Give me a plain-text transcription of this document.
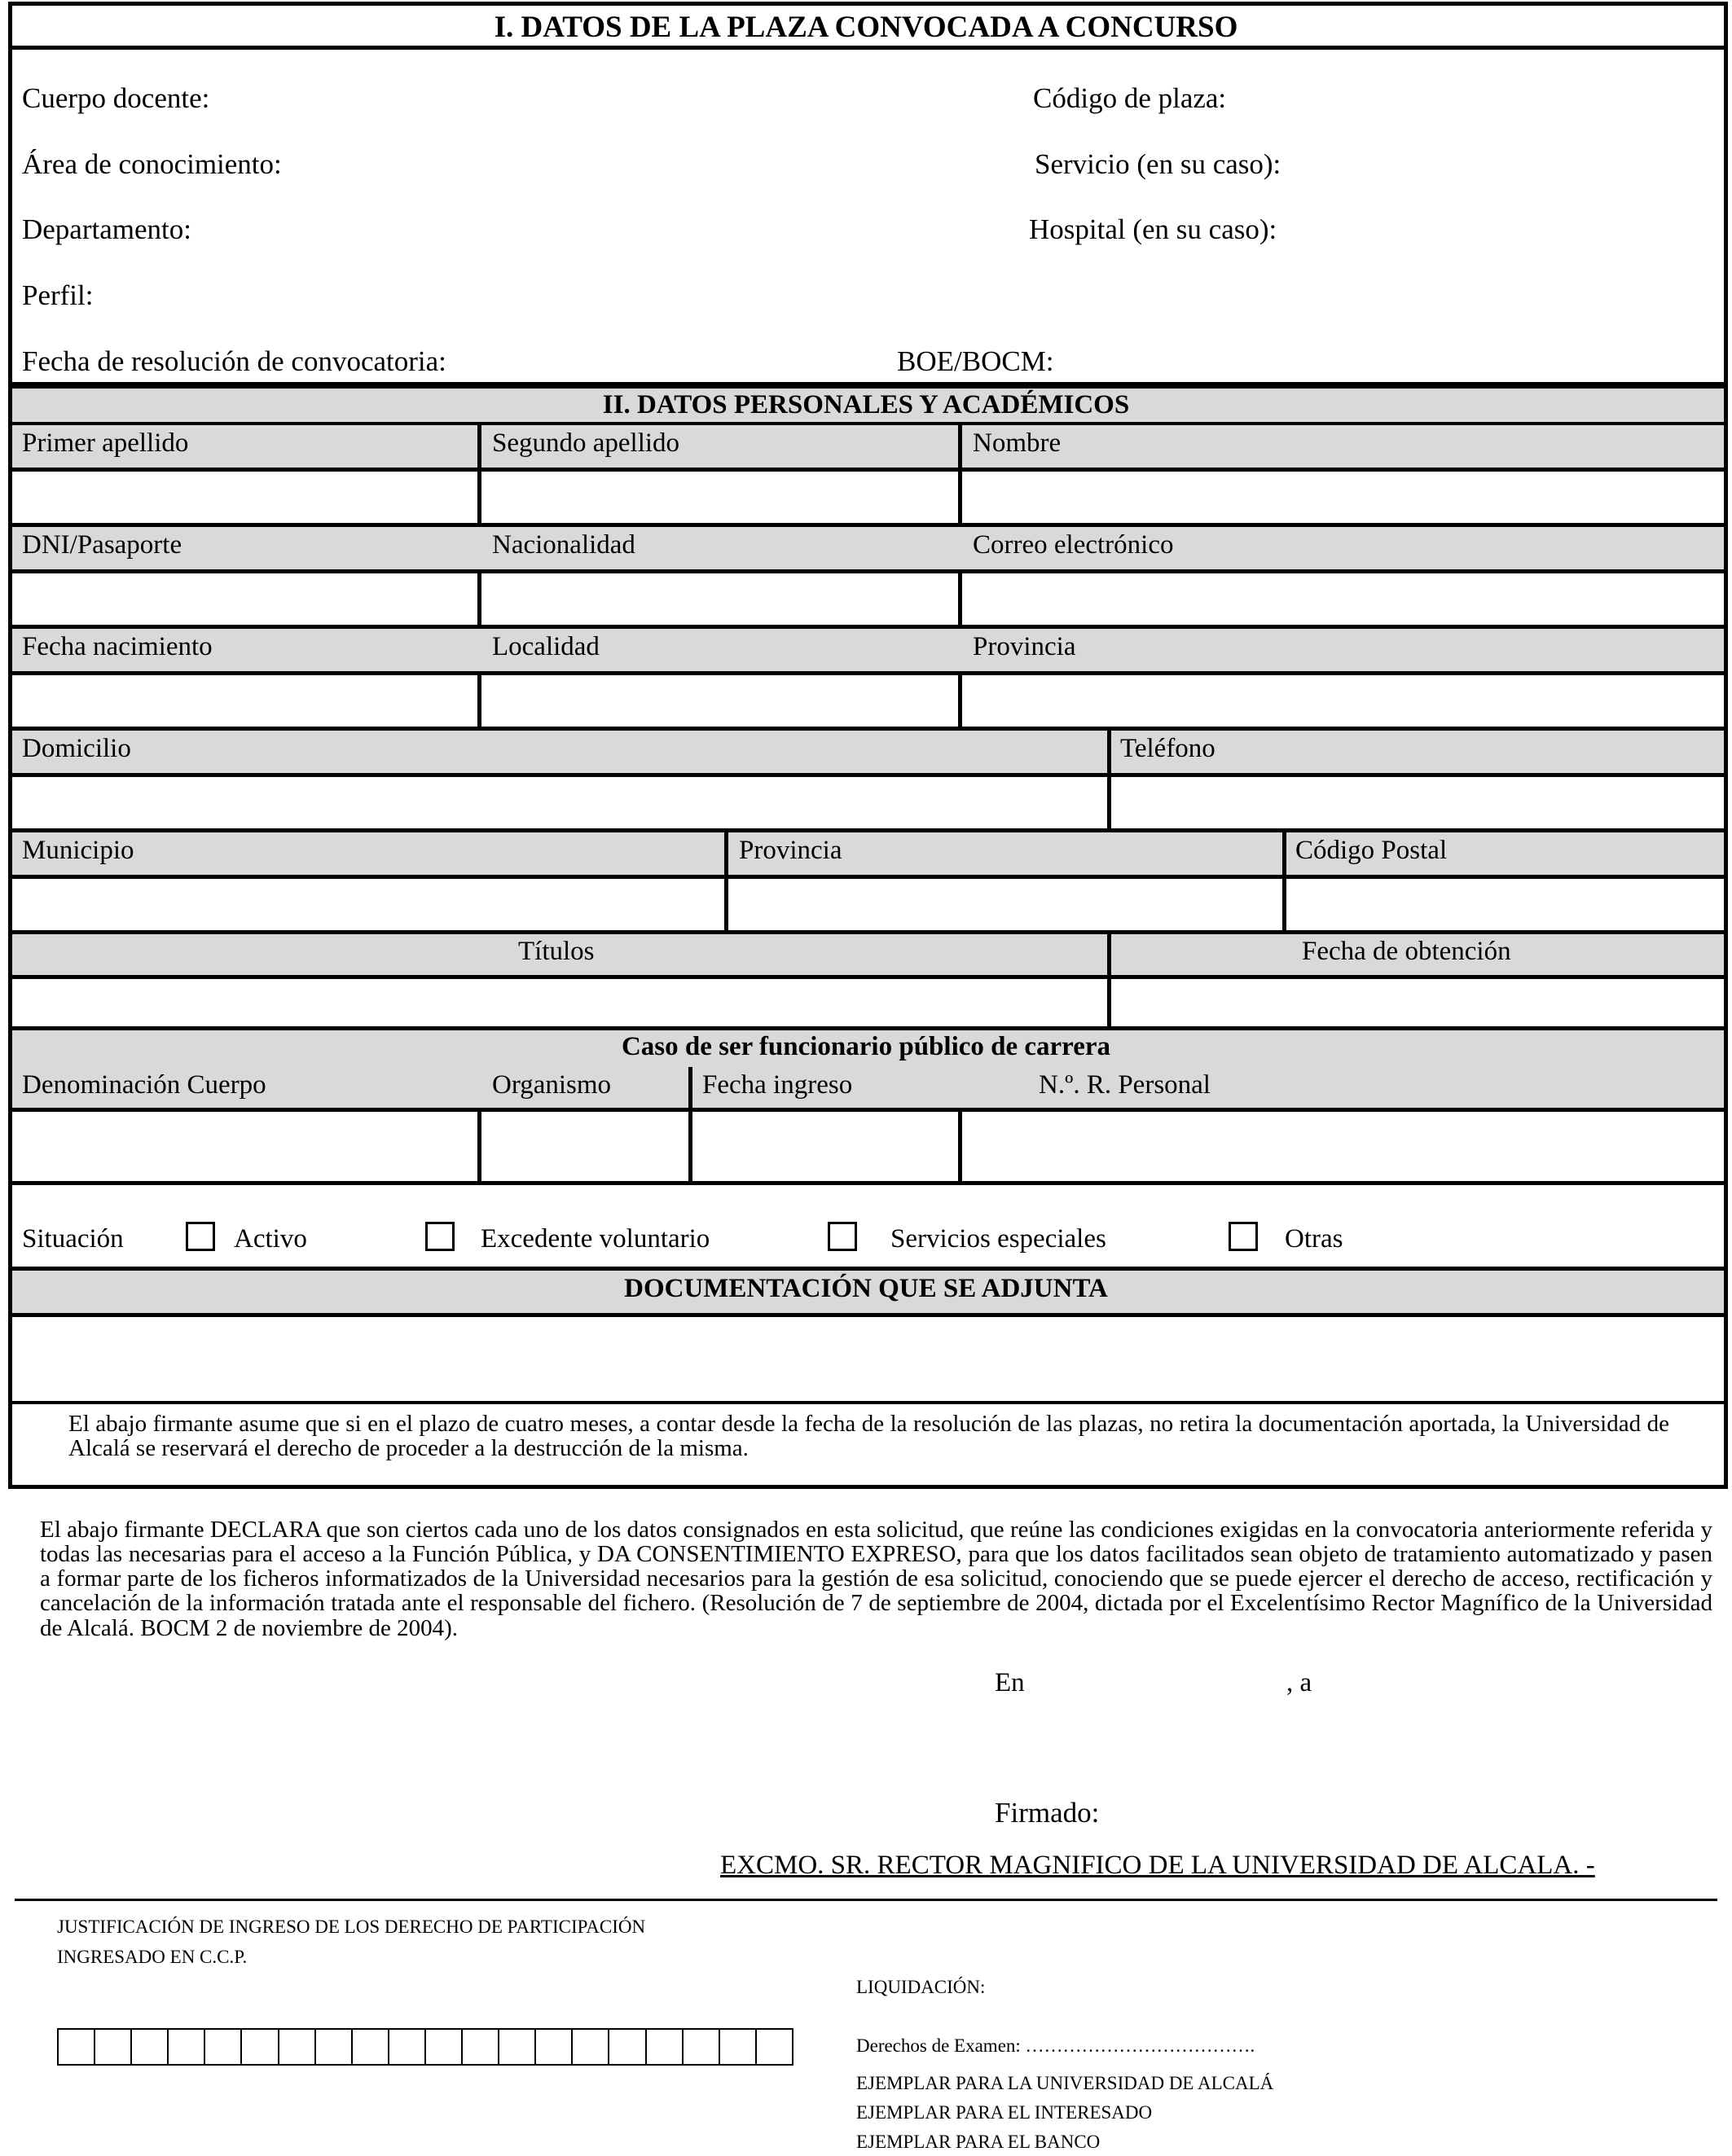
I. DATOS DE LA PLAZA CONVOCADA A CONCURSO
Cuerpo docente:	Código de plaza:
Área de conocimiento:	Servicio (en su caso):
Departamento:	Hospital (en su caso):
Perfil:
Fecha de resolución de convocatoria:	BOE/BOCM:
II. DATOS PERSONALES Y ACADÉMICOS
Primer apellido	Segundo apellido	Nombre
DNI/Pasaporte	Nacionalidad	Correo electrónico
Fecha nacimiento	Localidad	Provincia
Domicilio	Teléfono
Municipio	Provincia	Código Postal
Títulos	Fecha de obtención
Caso de ser funcionario público de carrera
Denominación Cuerpo	Organismo	Fecha ingreso	N.º. R. Personal
Situación	Activo	Excedente voluntario	Servicios especiales	Otras
DOCUMENTACIÓN QUE SE ADJUNTA
El abajo firmante asume que si en el plazo de cuatro meses, a contar desde la fecha de la resolución de las plazas, no retira la documentación aportada, la Universidad de Alcalá se reservará el derecho de proceder a la destrucción de la misma.
El abajo firmante DECLARA que son ciertos cada uno de los datos consignados en esta solicitud, que reúne las condiciones exigidas en la convocatoria anteriormente referida y todas las necesarias para el acceso a la Función Pública, y DA CONSENTIMIENTO EXPRESO, para que los datos facilitados sean objeto de tratamiento automatizado y pasen a formar parte de los ficheros informatizados de la Universidad necesarios para la gestión de esa solicitud, conociendo que se puede ejercer el derecho de acceso, rectificación y cancelación de la información tratada ante el responsable del fichero. (Resolución de 7 de septiembre de 2004, dictada por el Excelentísimo Rector Magnífico de la Universidad de Alcalá. BOCM 2 de noviembre de 2004).
En	, a
Firmado:
EXCMO. SR. RECTOR MAGNIFICO DE LA UNIVERSIDAD DE ALCALA. -
JUSTIFICACIÓN DE INGRESO DE LOS DERECHO DE PARTICIPACIÓN
INGRESADO EN C.C.P.
LIQUIDACIÓN:
Derechos de Examen: ……………………………….
EJEMPLAR PARA LA UNIVERSIDAD DE ALCALÁ
EJEMPLAR PARA EL INTERESADO
EJEMPLAR PARA EL BANCO
